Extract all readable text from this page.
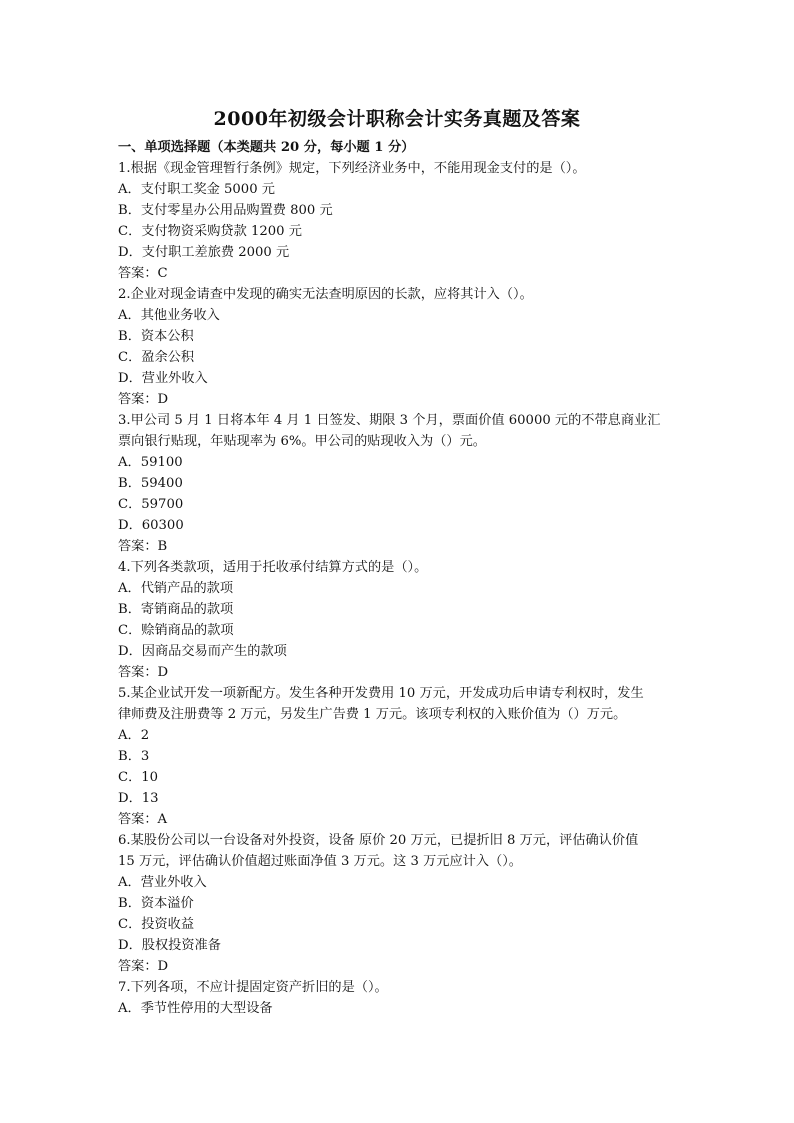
2000年初级会计职称会计实务真题及答案
一、单项选择题（本类题共 20 分，每小题 1 分）
1.根据《现金管理暂行条例》规定，下列经济业务中，不能用现金支付的是（）。
A．支付职工奖金 5000 元
B．支付零星办公用品购置费 800 元
C．支付物资采购贷款 1200 元
D．支付职工差旅费 2000 元
答案：C
2.企业对现金请查中发现的确实无法查明原因的长款，应将其计入（）。
A．其他业务收入
B．资本公积
C．盈余公积
D．营业外收入
答案：D
3.甲公司 5 月 1 日将本年 4 月 1 日签发、期限 3 个月，票面价值 60000 元的不带息商业汇
票向银行贴现，年贴现率为 6%。甲公司的贴现收入为（）元。
A．59100
B．59400
C．59700
D．60300
答案：B
4.下列各类款项，适用于托收承付结算方式的是（）。
A．代销产品的款项
B．寄销商品的款项
C．赊销商品的款项
D．因商品交易而产生的款项
答案：D
5.某企业试开发一项新配方。发生各种开发费用 10 万元，开发成功后申请专利权时，发生
律师费及注册费等 2 万元，另发生广告费 1 万元。该项专利权的入账价值为（）万元。
A．2
B．3
C．10
D．13
答案：A
6.某股份公司以一台设备对外投资，设备 原价 20 万元，已提折旧 8 万元，评估确认价值
15 万元，评估确认价值超过账面净值 3 万元。这 3 万元应计入（）。
A．营业外收入
B．资本溢价
C．投资收益
D．股权投资准备
答案：D
7.下列各项，不应计提固定资产折旧的是（）。
A．季节性停用的大型设备
